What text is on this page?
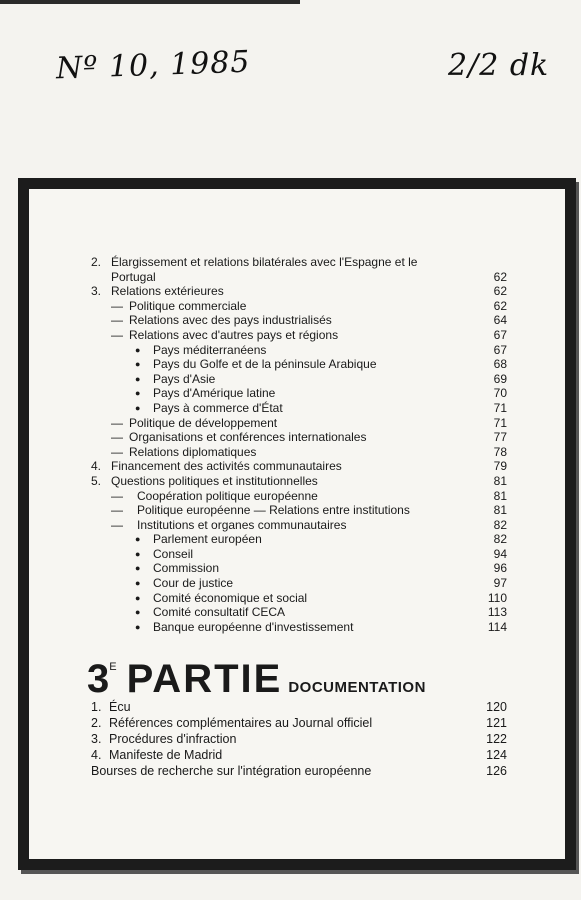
Nº 10, 1985	2/2 dk
2. Élargissement et relations bilatérales avec l'Espagne et le Portugal	62
3. Relations extérieures	62
— Politique commerciale	62
— Relations avec des pays industrialisés	64
— Relations avec d'autres pays et régions	67
● Pays méditerranéens	67
● Pays du Golfe et de la péninsule Arabique	68
● Pays d'Asie	69
● Pays d'Amérique latine	70
● Pays à commerce d'État	71
— Politique de développement	71
— Organisations et conférences internationales	77
— Relations diplomatiques	78
4. Financement des activités communautaires	79
5. Questions politiques et institutionnelles	81
— Coopération politique européenne	81
— Politique européenne — Relations entre institutions	81
— Institutions et organes communautaires	82
● Parlement européen	82
● Conseil	94
● Commission	96
● Cour de justice	97
● Comité économique et social	110
● Comité consultatif CECA	113
● Banque européenne d'investissement	114
$3^E$ PARTIE DOCUMENTATION
1. Écu	120
2. Références complémentaires au Journal officiel	121
3. Procédures d'infraction	122
4. Manifeste de Madrid	124
Bourses de recherche sur l'intégration européenne	126
